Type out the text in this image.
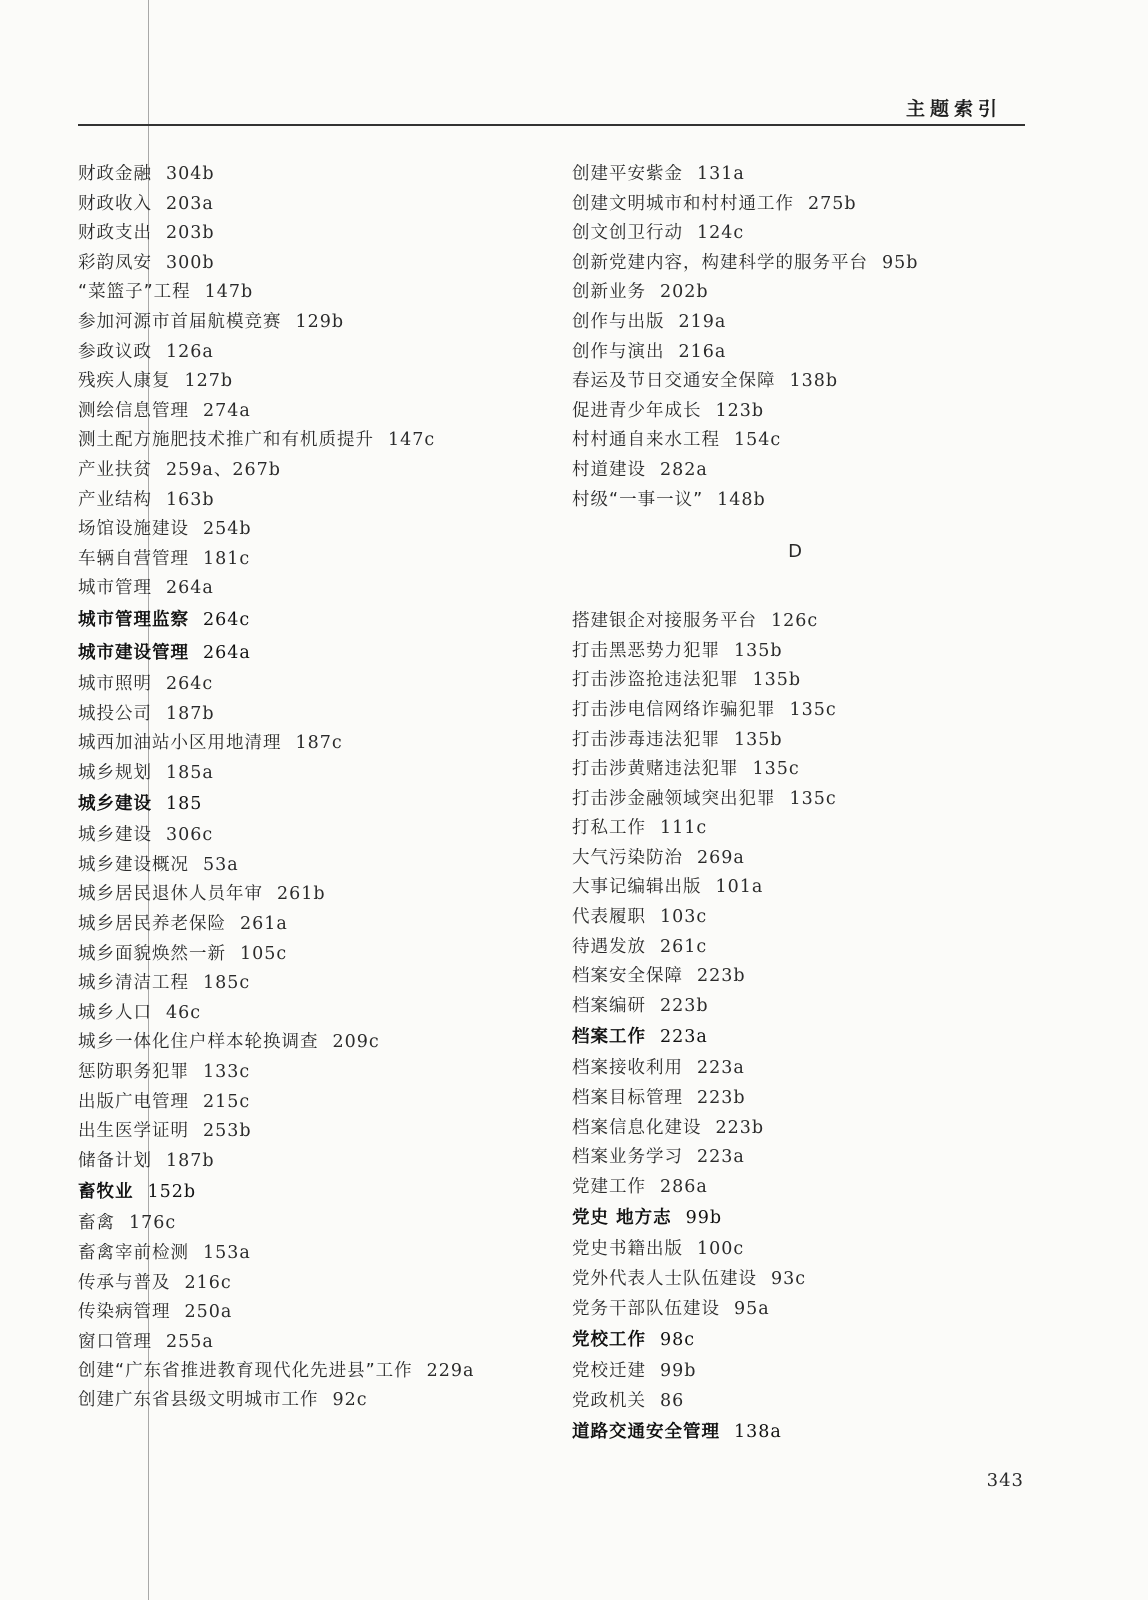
主题索引
财政金融 304b
财政收入 203a
财政支出 203b
彩韵凤安 300b
“菜篮子”工程 147b
参加河源市首届航模竞赛 129b
参政议政 126a
残疾人康复 127b
测绘信息管理 274a
测土配方施肥技术推广和有机质提升 147c
产业扶贫 259a、267b
产业结构 163b
场馆设施建设 254b
车辆自营管理 181c
城市管理 264a
城市管理监察 264c
城市建设管理 264a
城市照明 264c
城投公司 187b
城西加油站小区用地清理 187c
城乡规划 185a
城乡建设 185
城乡建设 306c
城乡建设概况 53a
城乡居民退休人员年审 261b
城乡居民养老保险 261a
城乡面貌焕然一新 105c
城乡清洁工程 185c
城乡人口 46c
城乡一体化住户样本轮换调查 209c
惩防职务犯罪 133c
出版广电管理 215c
出生医学证明 253b
储备计划 187b
畜牧业 152b
畜禽 176c
畜禽宰前检测 153a
传承与普及 216c
传染病管理 250a
窗口管理 255a
创建“广东省推进教育现代化先进县”工作 229a
创建广东省县级文明城市工作 92c
创建平安紫金 131a
创建文明城市和村村通工作 275b
创文创卫行动 124c
创新党建内容，构建科学的服务平台 95b
创新业务 202b
创作与出版 219a
创作与演出 216a
春运及节日交通安全保障 138b
促进青少年成长 123b
村村通自来水工程 154c
村道建设 282a
村级“一事一议” 148b
D
搭建银企对接服务平台 126c
打击黑恶势力犯罪 135b
打击涉盗抢违法犯罪 135b
打击涉电信网络诈骗犯罪 135c
打击涉毒违法犯罪 135b
打击涉黄赌违法犯罪 135c
打击涉金融领域突出犯罪 135c
打私工作 111c
大气污染防治 269a
大事记编辑出版 101a
代表履职 103c
待遇发放 261c
档案安全保障 223b
档案编研 223b
档案工作 223a
档案接收利用 223a
档案目标管理 223b
档案信息化建设 223b
档案业务学习 223a
党建工作 286a
党史 地方志 99b
党史书籍出版 100c
党外代表人士队伍建设 93c
党务干部队伍建设 95a
党校工作 98c
党校迁建 99b
党政机关 86
道路交通安全管理 138a
343
